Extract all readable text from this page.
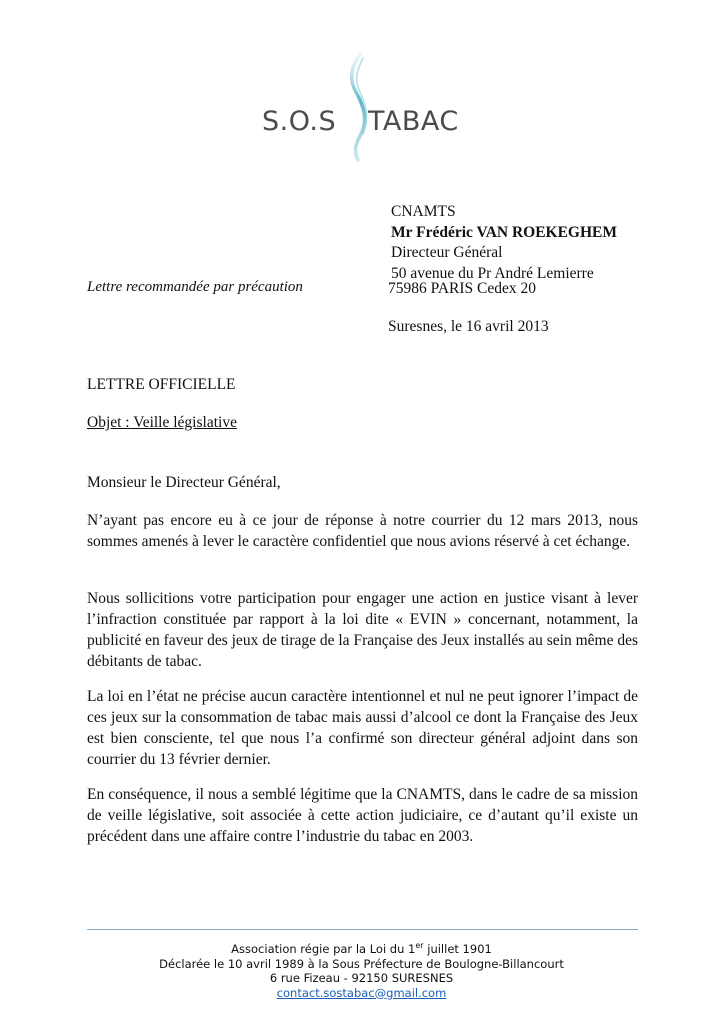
S.O.S	TABAC
CNAMTS
Mr Frédéric VAN ROEKEGHEM
Directeur Général
50 avenue du Pr André Lemierre
Lettre recommandée par précaution	75986 PARIS Cedex 20
Suresnes, le 16 avril 2013
LETTRE OFFICIELLE
Objet : Veille législative
Monsieur le Directeur Général,

N’ayant pas encore eu à ce jour de réponse à notre courrier du 12 mars 2013, nous sommes amenés à lever le caractère confidentiel que nous avions réservé à cet échange.

Nous sollicitions votre participation pour engager une action en justice visant à lever l’infraction constituée par rapport à la loi dite « EVIN » concernant, notamment, la publicité en faveur des jeux de tirage de la Française des Jeux installés au sein même des débitants de tabac.

La loi en l’état ne précise aucun caractère intentionnel et nul ne peut ignorer l’impact de ces jeux sur la consommation de tabac mais aussi d’alcool ce dont la Française des Jeux est bien consciente, tel que nous l’a confirmé son directeur général adjoint dans son courrier du 13 février dernier.

En conséquence, il nous a semblé légitime que la CNAMTS, dans le cadre de sa mission de veille législative, soit associée à cette action judiciaire, ce d’autant qu’il existe un précédent dans une affaire contre l’industrie du tabac en 2003.

Association régie par la Loi du 1er juillet 1901
Déclarée le 10 avril 1989 à la Sous Préfecture de Boulogne-Billancourt
6 rue Fizeau - 92150 SURESNES
contact.sostabac@gmail.com
